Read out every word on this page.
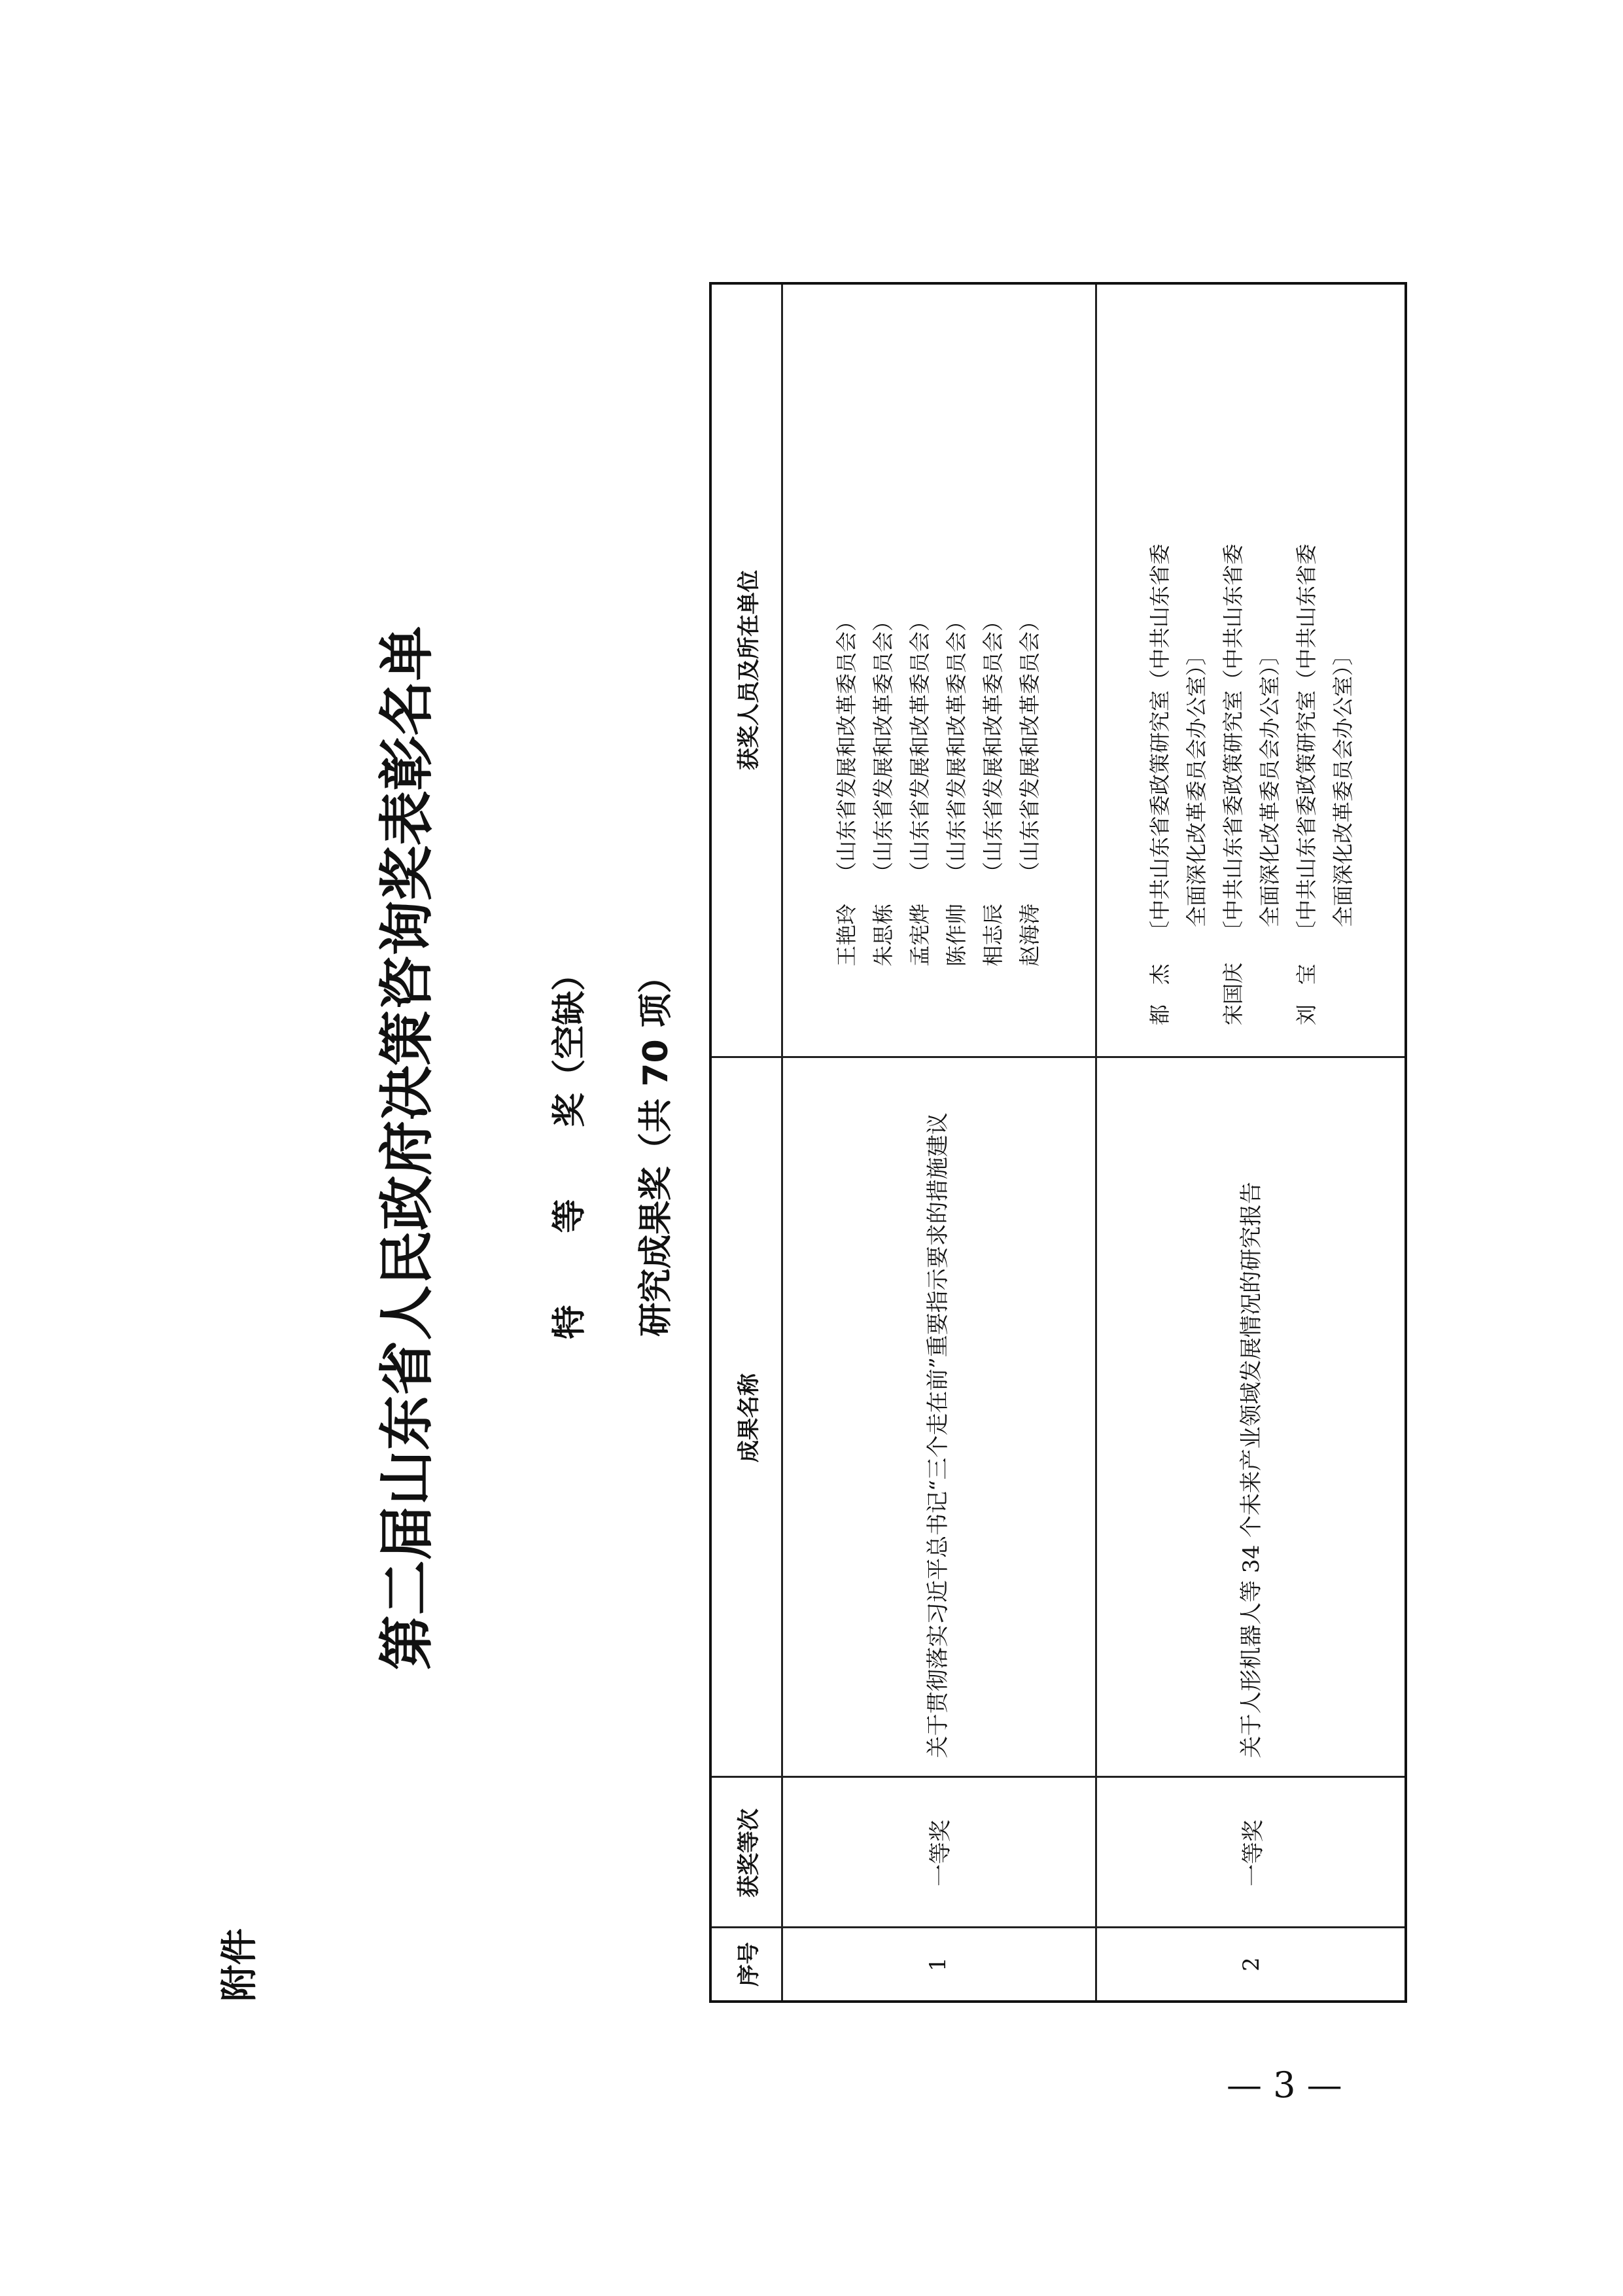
附件
第二届山东省人民政府决策咨询奖表彰名单	特等奖（空缺） 研究成果奖（共 70 项）
序号
获奖等次
成果名称
获奖人员及所在单位
1
一等奖
关于贯彻落实习近平总书记“三个走在前”重要指示要求的措施建议
王艳玲（山东省发展和改革委员会）
朱思栋（山东省发展和改革委员会）
孟宪烨（山东省发展和改革委员会）
陈作帅（山东省发展和改革委员会）
相志辰（山东省发展和改革委员会）
赵海涛（山东省发展和改革委员会）
2
一等奖
关于人形机器人等 34 个未来产业领域发展情况的研究报告
都杰〔中共山东省委政策研究室（中共山东省委 全面深化改革委员会办公室）〕
宋国庆〔中共山东省委政策研究室（中共山东省委 全面深化改革委员会办公室）〕
刘宝〔中共山东省委政策研究室（中共山东省委 全面深化改革委员会办公室）〕
— 3 —
